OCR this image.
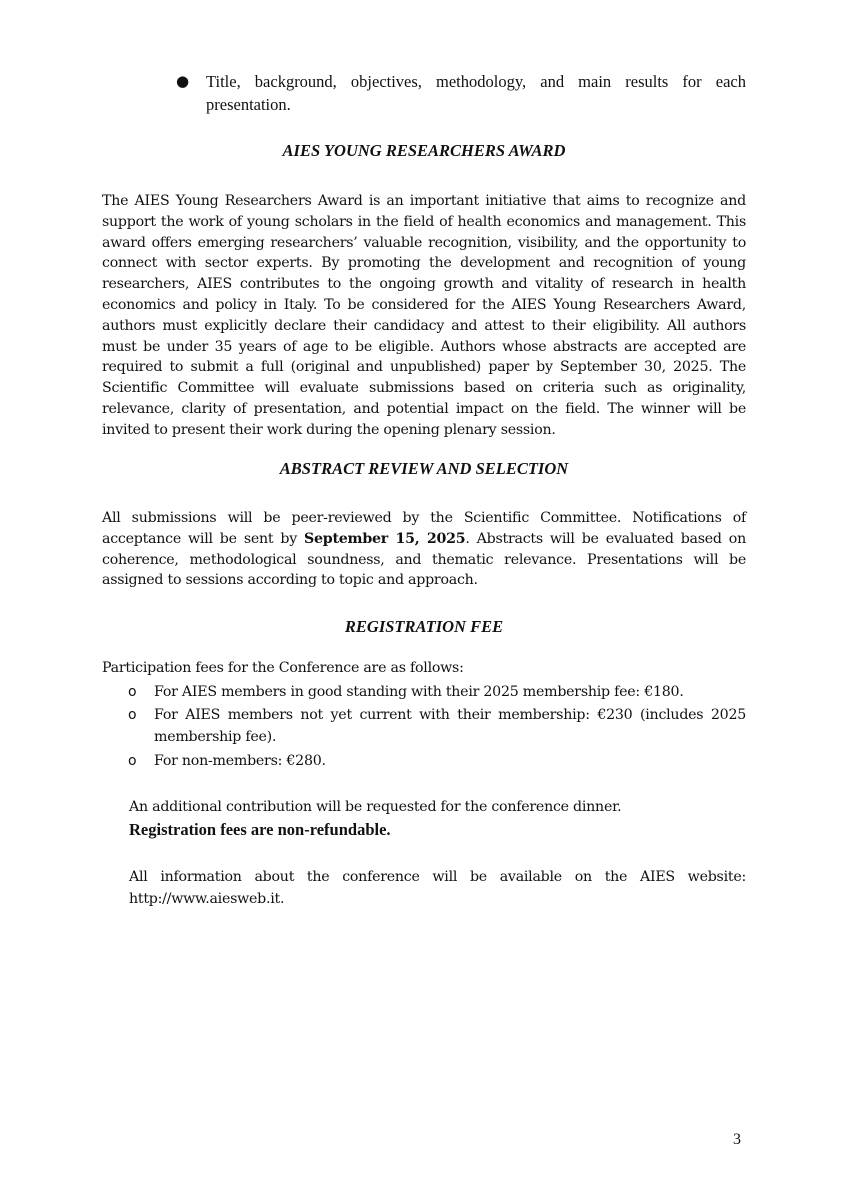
● Title, background, objectives, methodology, and main results for each presentation.
AIES YOUNG RESEARCHERS AWARD
The AIES Young Researchers Award is an important initiative that aims to recognize and support the work of young scholars in the field of health economics and management. This award offers emerging researchers’ valuable recognition, visibility, and the opportunity to connect with sector experts. By promoting the development and recognition of young researchers, AIES contributes to the ongoing growth and vitality of research in health economics and policy in Italy. To be considered for the AIES Young Researchers Award, authors must explicitly declare their candidacy and attest to their eligibility. All authors must be under 35 years of age to be eligible. Authors whose abstracts are accepted are required to submit a full (original and unpublished) paper by September 30, 2025. The Scientific Committee will evaluate submissions based on criteria such as originality, relevance, clarity of presentation, and potential impact on the field. The winner will be invited to present their work during the opening plenary session.
ABSTRACT REVIEW AND SELECTION
All submissions will be peer-reviewed by the Scientific Committee. Notifications of acceptance will be sent by September 15, 2025. Abstracts will be evaluated based on coherence, methodological soundness, and thematic relevance. Presentations will be assigned to sessions according to topic and approach.
REGISTRATION FEE
Participation fees for the Conference are as follows:
o For AIES members in good standing with their 2025 membership fee: €180.
o For AIES members not yet current with their membership: €230 (includes 2025 membership fee).
o For non-members: €280.
An additional contribution will be requested for the conference dinner.
Registration fees are non-refundable.
All information about the conference will be available on the AIES website: http://www.aiesweb.it.
3
